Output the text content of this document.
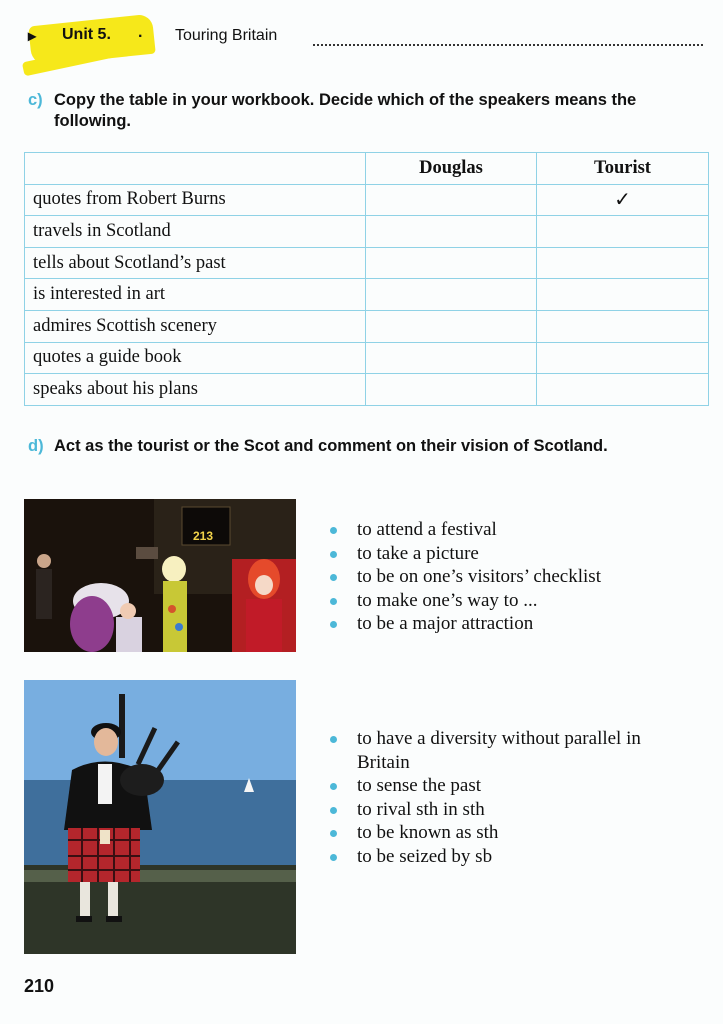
▸ Unit 5. · Touring Britain
c) Copy the table in your workbook. Decide which of the speakers means the following.
	Douglas	Tourist
quotes from Robert Burns		✓
travels in Scotland		
tells about Scotland’s past		
is interested in art		
admires Scottish scenery		
quotes a guide book		
speaks about his plans		
d) Act as the tourist or the Scot and comment on their vision of Scotland.
213	to attend a festival
to take a picture
to be on one’s visitors’ checklist
to make one’s way to ...
to be a major attraction
to have a diversity without parallel in Britain
to sense the past
to rival sth in sth
to be known as sth
to be seized by sb
210
